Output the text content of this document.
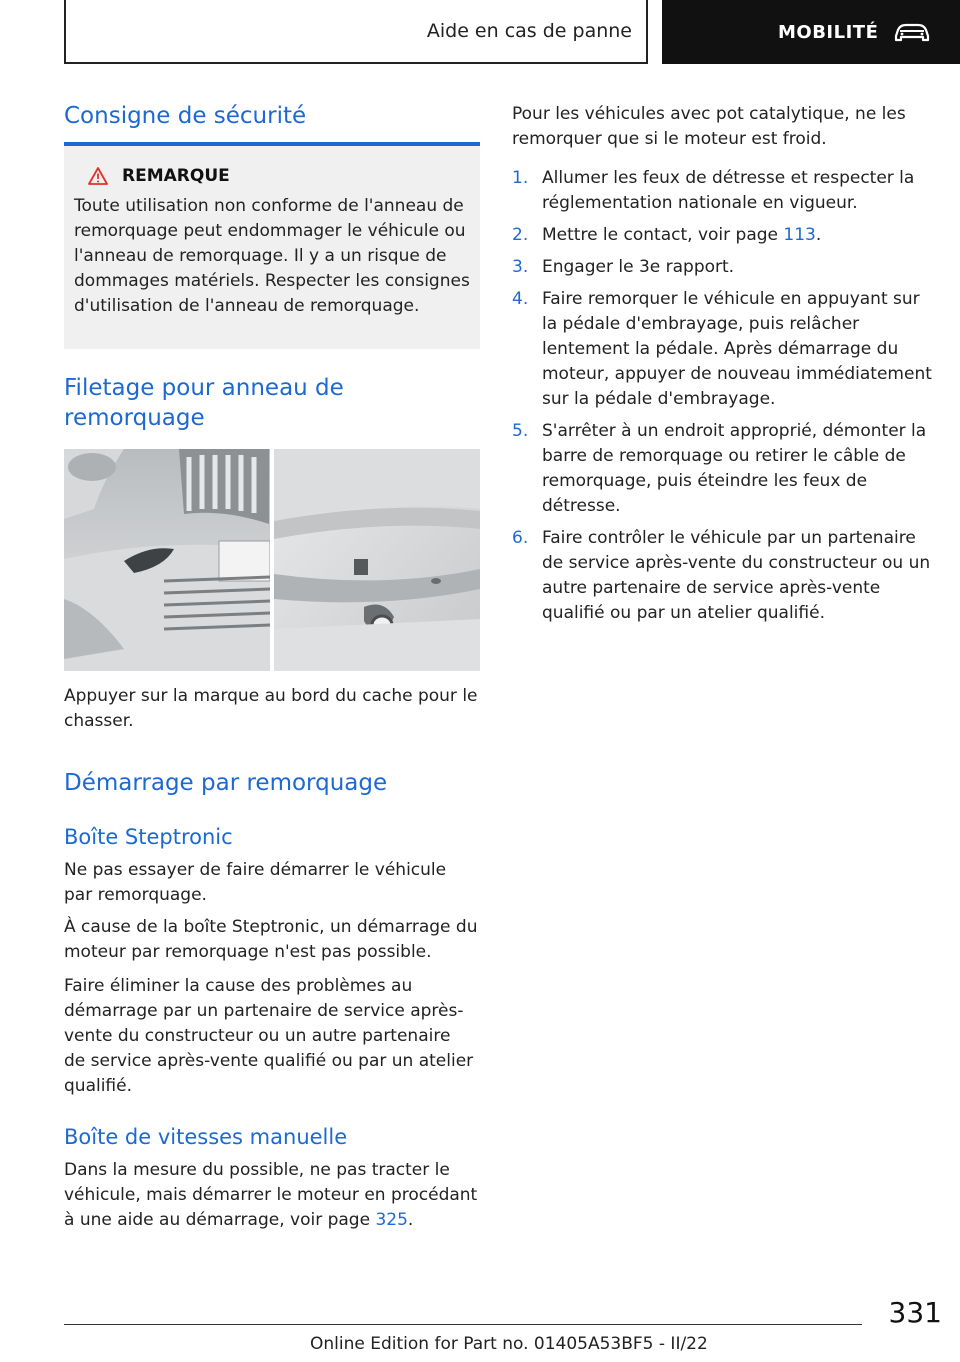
Aide en cas de panne	MOBILITÉ
Consigne de sécurité
REMARQUE
Toute utilisation non conforme de l'anneau de remorquage peut endommager le véhicule ou l'anneau de remorquage. Il y a un risque de dommages matériels. Respecter les consignes d'utilisation de l'anneau de remorquage.
Filetage pour anneau de remorquage

Appuyer sur la marque au bord du cache pour le chasser.

Démarrage par remorquage
Boîte Steptronic

Ne pas essayer de faire démarrer le véhicule par remorquage.

À cause de la boîte Steptronic, un démarrage du moteur par remorquage n'est pas possible.

Faire éliminer la cause des problèmes au démarrage par un partenaire de service après-vente du constructeur ou un autre partenaire de service après-vente qualifié ou par un atelier qualifié.

Boîte de vitesses manuelle

Dans la mesure du possible, ne pas tracter le véhicule, mais démarrer le moteur en procédant à une aide au démarrage, voir page 325.

Pour les véhicules avec pot catalytique, ne les remorquer que si le moteur est froid.

1. Allumer les feux de détresse et respecter la réglementation nationale en vigueur.
2. Mettre le contact, voir page 113.
3. Engager le 3e rapport.
4. Faire remorquer le véhicule en appuyant sur la pédale d'embrayage, puis relâcher lentement la pédale. Après démarrage du moteur, appuyer de nouveau immédiatement sur la pédale d'embrayage.
5. S'arrêter à un endroit approprié, démonter la barre de remorquage ou retirer le câble de remorquage, puis éteindre les feux de détresse.
6. Faire contrôler le véhicule par un partenaire de service après-vente du constructeur ou un autre partenaire de service après-vente qualifié ou par un atelier qualifié.
331
Online Edition for Part no. 01405A53BF5 - II/22
